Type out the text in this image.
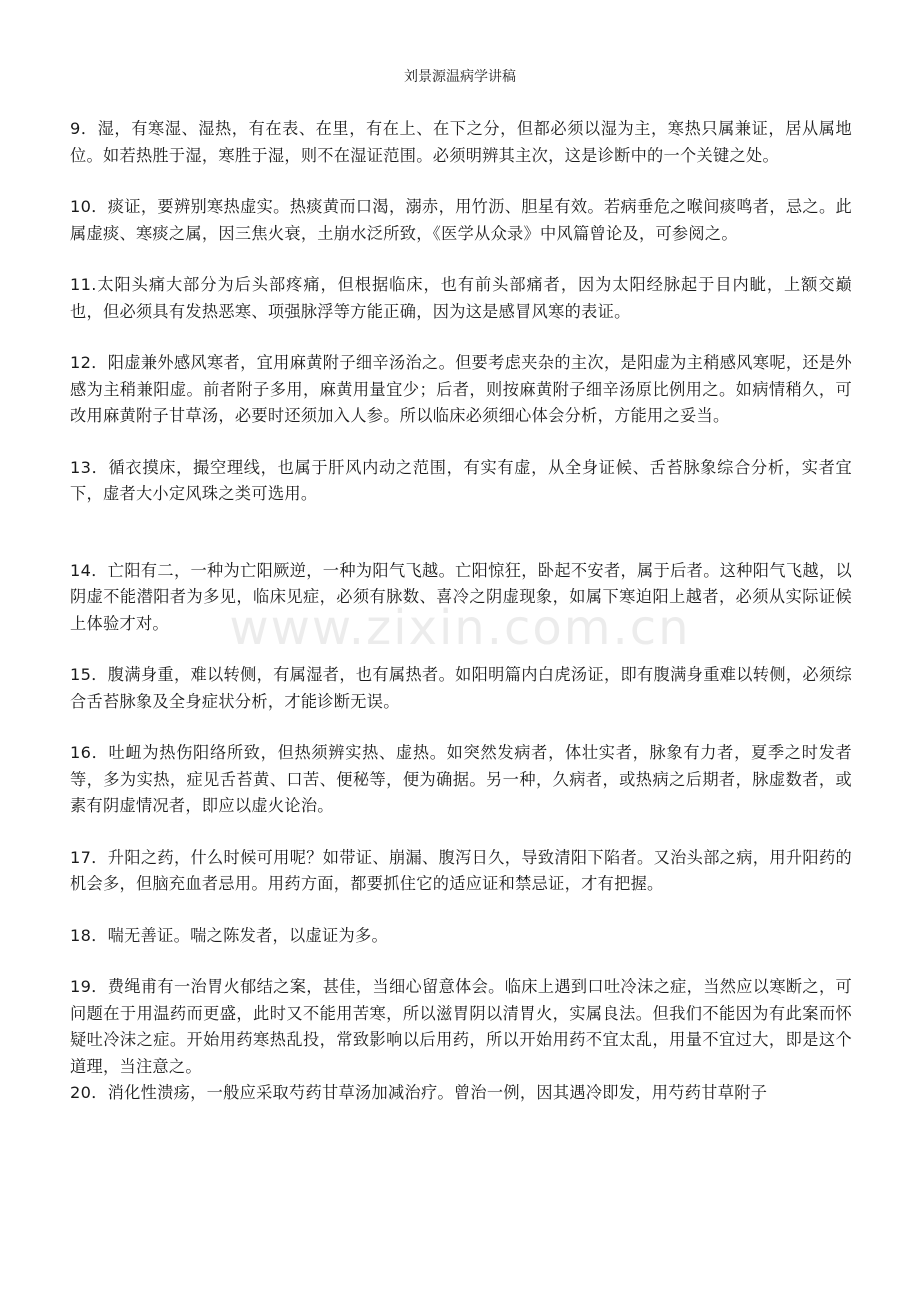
刘景源温病学讲稿
www.zixin.com.cn

9．湿，有寒湿、湿热，有在表、在里，有在上、在下之分，但都必须以湿为主，寒热只属兼证，居从属地位。如若热胜于湿，寒胜于湿，则不在湿证范围。必须明辨其主次，这是诊断中的一个关键之处。

10．痰证，要辨别寒热虚实。热痰黄而口渴，溺赤，用竹沥、胆星有效。若病垂危之喉间痰鸣者，忌之。此属虚痰、寒痰之属，因三焦火衰，土崩水泛所致，《医学从众录》中风篇曾论及，可参阅之。

11.太阳头痛大部分为后头部疼痛，但根据临床，也有前头部痛者，因为太阳经脉起于目内眦，上额交巅也，但必须具有发热恶寒、项强脉浮等方能正确，因为这是感冒风寒的表证。

12．阳虚兼外感风寒者，宜用麻黄附子细辛汤治之。但要考虑夹杂的主次，是阳虚为主稍感风寒呢，还是外感为主稍兼阳虚。前者附子多用，麻黄用量宜少；后者，则按麻黄附子细辛汤原比例用之。如病情稍久，可改用麻黄附子甘草汤，必要时还须加入人参。所以临床必须细心体会分析，方能用之妥当。

13．循衣摸床，撮空理线，也属于肝风内动之范围，有实有虚，从全身证候、舌苔脉象综合分析，实者宜下，虚者大小定风珠之类可选用。

14．亡阳有二，一种为亡阳厥逆，一种为阳气飞越。亡阳惊狂，卧起不安者，属于后者。这种阳气飞越，以阴虚不能潜阳者为多见，临床见症，必须有脉数、喜冷之阴虚现象，如属下寒迫阳上越者，必须从实际证候上体验才对。

15．腹满身重，难以转侧，有属湿者，也有属热者。如阳明篇内白虎汤证，即有腹满身重难以转侧，必须综合舌苔脉象及全身症状分析，才能诊断无误。

16．吐衄为热伤阳络所致，但热须辨实热、虚热。如突然发病者，体壮实者，脉象有力者，夏季之时发者等，多为实热，症见舌苔黄、口苦、便秘等，便为确据。另一种，久病者，或热病之后期者，脉虚数者，或素有阴虚情况者，即应以虚火论治。

17．升阳之药，什么时候可用呢？如带证、崩漏、腹泻日久，导致清阳下陷者。又治头部之病，用升阳药的机会多，但脑充血者忌用。用药方面，都要抓住它的适应证和禁忌证，才有把握。

18．喘无善证。喘之陈发者，以虚证为多。

19．费绳甫有一治胃火郁结之案，甚佳，当细心留意体会。临床上遇到口吐冷沫之症，当然应以寒断之，可问题在于用温药而更盛，此时又不能用苦寒，所以滋胃阴以清胃火，实属良法。但我们不能因为有此案而怀疑吐冷沫之症。开始用药寒热乱投，常致影响以后用药，所以开始用药不宜太乱，用量不宜过大，即是这个道理，当注意之。

20．消化性溃疡，一般应采取芍药甘草汤加减治疗。曾治一例，因其遇冷即发，用芍药甘草附子
